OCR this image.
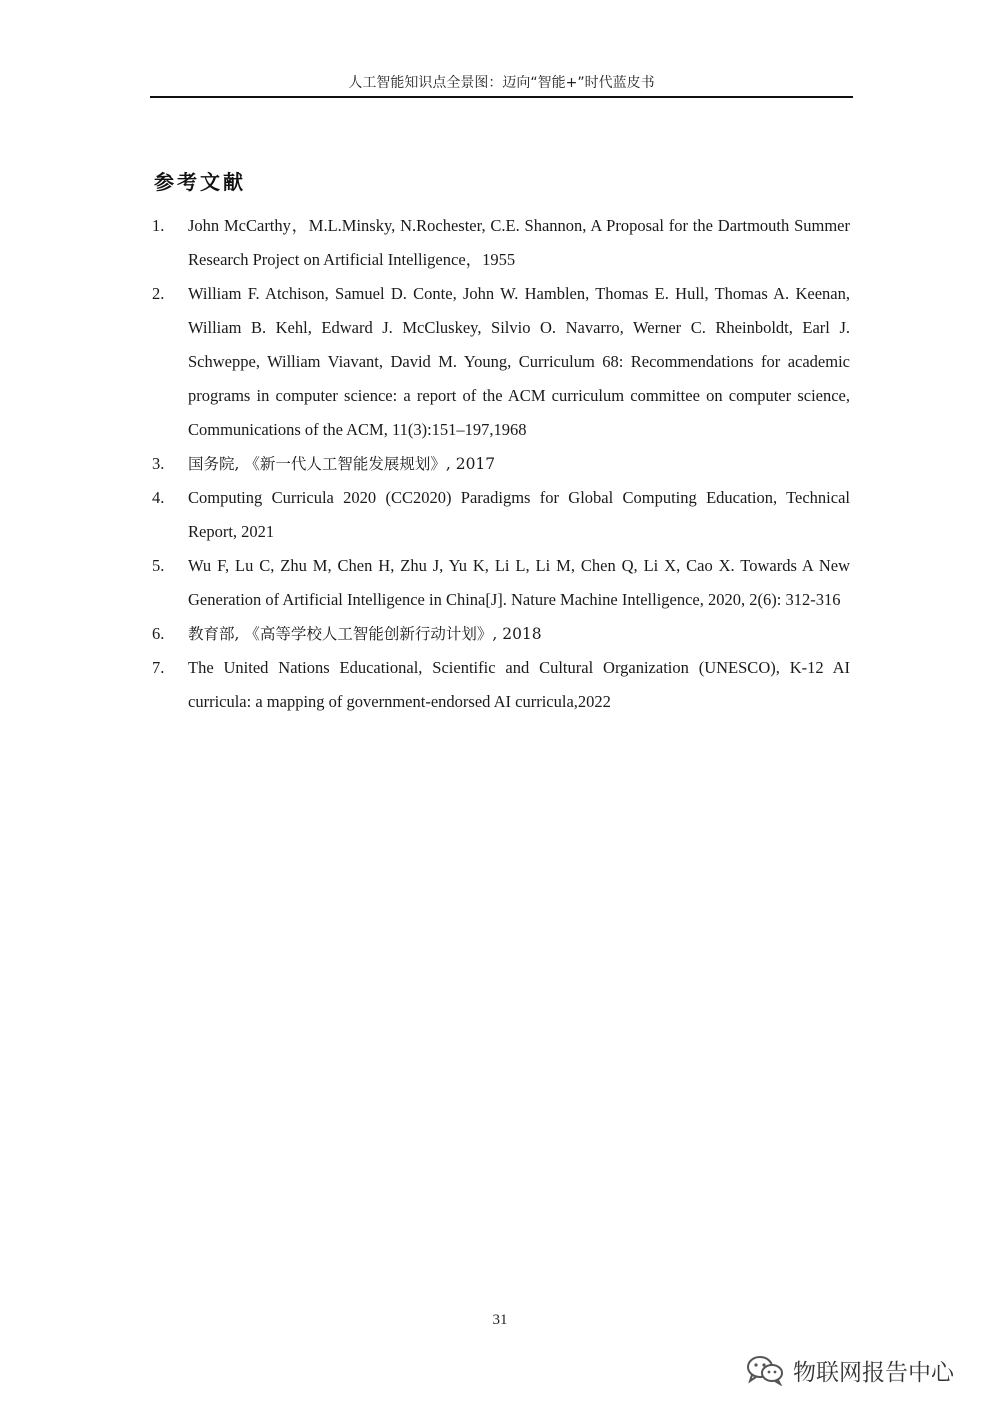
人工智能知识点全景图：迈向“智能+”时代蓝皮书
参考文献
1.	John McCarthy，M.L.Minsky, N.Rochester, C.E. Shannon, A Proposal for the Dartmouth Summer Research Project on Artificial Intelligence，1955
2.	William F. Atchison, Samuel D. Conte, John W. Hamblen, Thomas E. Hull, Thomas A. Keenan, William B. Kehl, Edward J. McCluskey, Silvio O. Navarro, Werner C. Rheinboldt, Earl J. Schweppe, William Viavant, David M. Young, Curriculum 68: Recommendations for academic programs in computer science: a report of the ACM curriculum committee on computer science, Communications of the ACM, 11(3):151–197,1968
3.	国务院, 《新一代人工智能发展规划》, 2017
4.	Computing Curricula 2020 (CC2020) Paradigms for Global Computing Education, Technical Report, 2021
5.	Wu F, Lu C, Zhu M, Chen H, Zhu J, Yu K, Li L, Li M, Chen Q, Li X, Cao X. Towards A New Generation of Artificial Intelligence in China[J]. Nature Machine Intelligence, 2020, 2(6): 312-316
6.	教育部, 《高等学校人工智能创新行动计划》, 2018
7.	The United Nations Educational, Scientific and Cultural Organization (UNESCO), K-12 AI curricula: a mapping of government-endorsed AI curricula,2022
31
物联网报告中心
